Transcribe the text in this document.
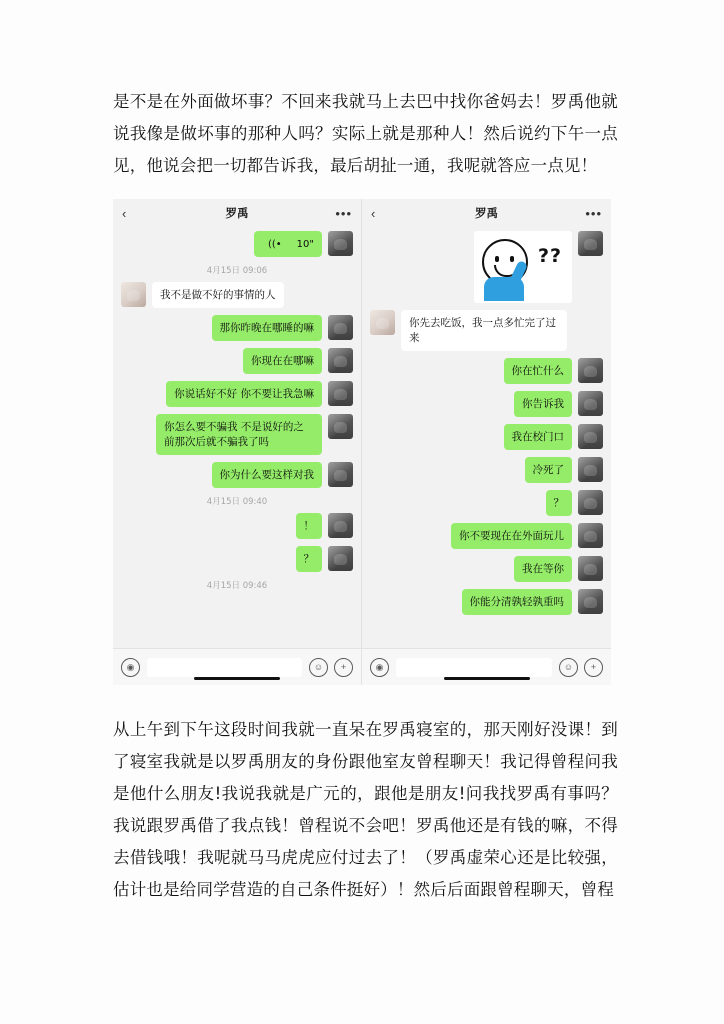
是不是在外面做坏事？不回来我就马上去巴中找你爸妈去！罗禹他就说我像是做坏事的那种人吗？实际上就是那种人！然后说约下午一点见，他说会把一切都告诉我，最后胡扯一通，我呢就答应一点见！

‹	罗禹	•••
((• 10"
4月15日 09:06
我不是做不好的事情的人
那你昨晚在哪睡的嘛
你现在在哪嘛
你说话好不好 你不要让我急嘛
你怎么要不骗我 不是说好的之前那次后就不骗我了吗
你为什么要这样对我
4月15日 09:40
！
？
4月15日 09:46
◉	☺	+
‹	罗禹	•••
??
你先去吃饭，我一点多忙完了过来
你在忙什么
你告诉我
我在校门口
冷死了
？
你不要现在在外面玩儿
我在等你
你能分清孰轻孰重吗
◉	☺	+

从上午到下午这段时间我就一直呆在罗禹寝室的，那天刚好没课！到了寝室我就是以罗禹朋友的身份跟他室友曾程聊天！我记得曾程问我是他什么朋友!我说我就是广元的，跟他是朋友!问我找罗禹有事吗？我说跟罗禹借了我点钱！曾程说不会吧！罗禹他还是有钱的嘛，不得去借钱哦！我呢就马马虎虎应付过去了！（罗禹虚荣心还是比较强，估计也是给同学营造的自己条件挺好）！然后后面跟曾程聊天，曾程
